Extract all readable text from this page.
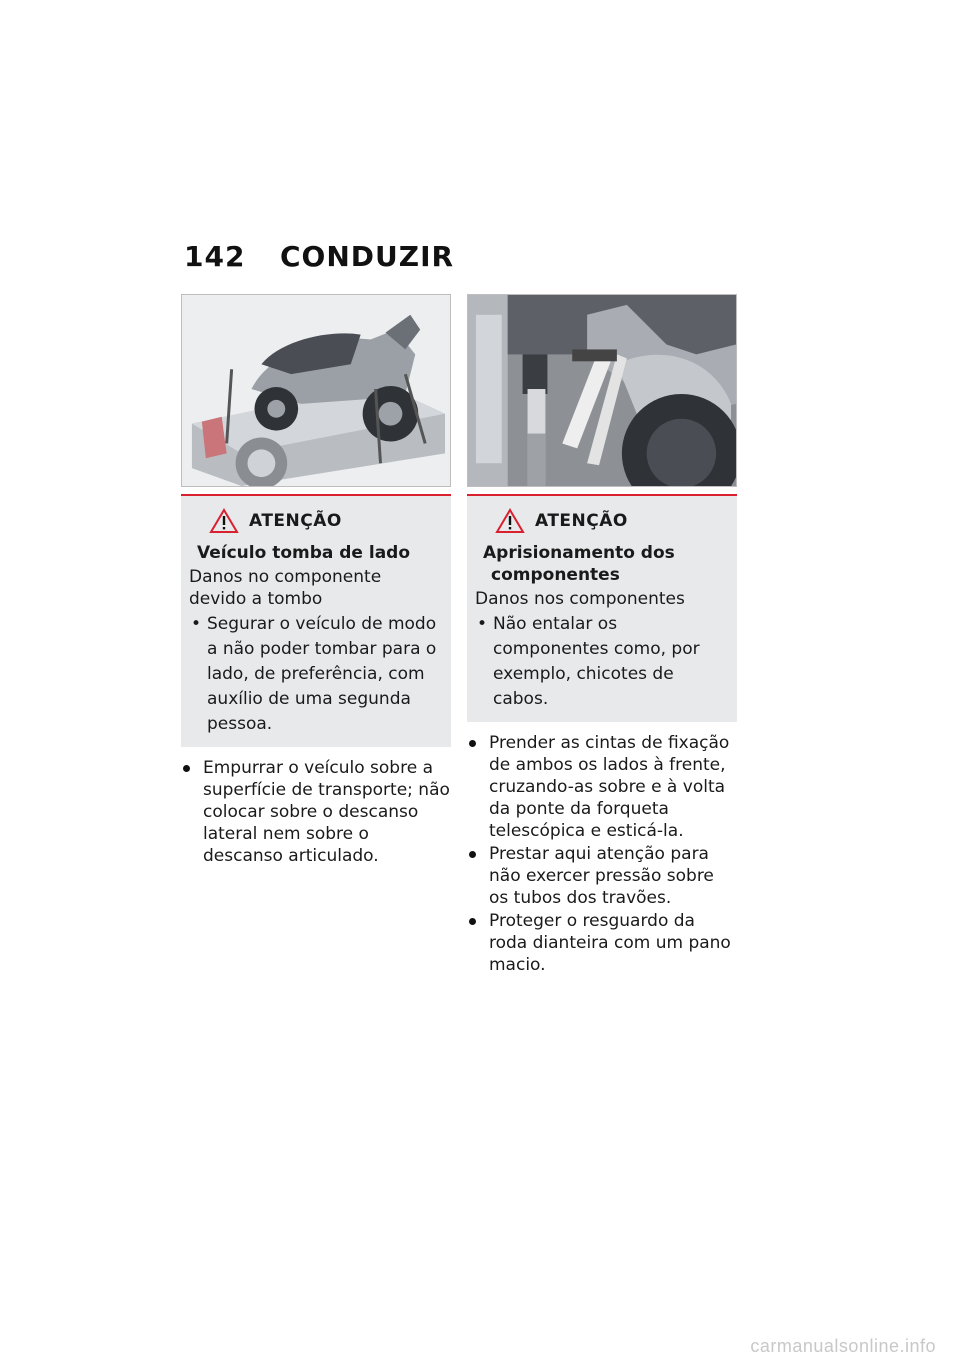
142 CONDUZIR
ATENÇÃO

Veículo tomba de lado

Danos no componente devido a tombo

• Segurar o veículo de modo a não poder tombar para o lado, de preferência, com auxílio de uma segunda pessoa.
Empurrar o veículo sobre a superfície de transporte; não colocar sobre o descanso lateral nem sobre o descanso articulado.
ATENÇÃO

Aprisionamento dos componentes

Danos nos componentes

• Não entalar os componentes como, por exemplo, chicotes de cabos.
Prender as cintas de fixação de ambos os lados à frente, cruzando-as sobre e à volta da ponte da forqueta telescópica e esticá-la.
Prestar aqui atenção para não exercer pressão sobre os tubos dos travões.
Proteger o resguardo da roda dianteira com um pano macio.
carmanualsonline.info
